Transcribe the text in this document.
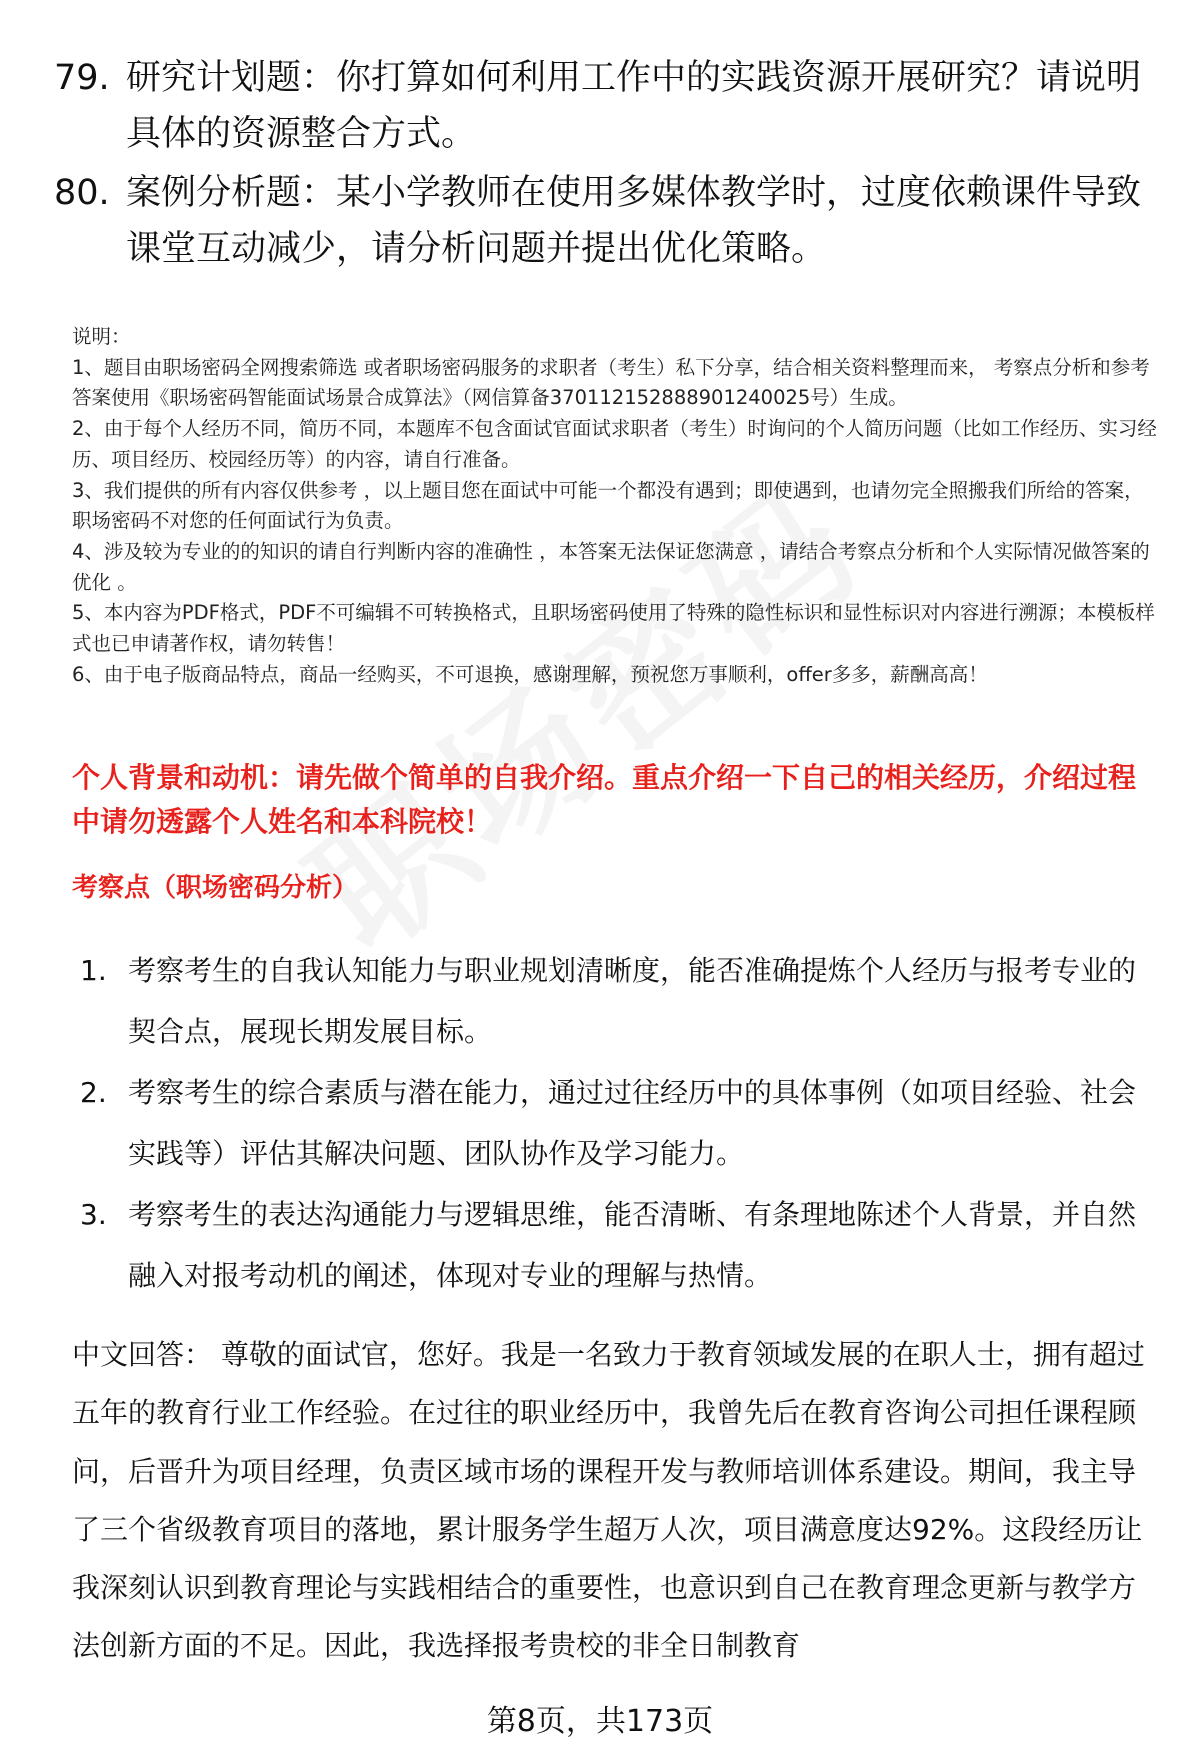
79. 研究计划题：你打算如何利用工作中的实践资源开展研究？请说明具体的资源整合方式。
80. 案例分析题：某小学教师在使用多媒体教学时，过度依赖课件导致课堂互动减少，请分析问题并提出优化策略。

说明：

1、题目由职场密码全网搜索筛选 或者职场密码服务的求职者（考生）私下分享，结合相关资料整理而来， 考察点分析和参考答案使用《职场密码智能面试场景合成算法》（网信算备370112152888901240025号）生成。

2、由于每个人经历不同，简历不同，本题库不包含面试官面试求职者（考生）时询问的个人简历问题（比如工作经历、实习经历、项目经历、校园经历等）的内容，请自行准备。

3、我们提供的所有内容仅供参考 ，以上题目您在面试中可能一个都没有遇到；即使遇到，也请勿完全照搬我们所给的答案，职场密码不对您的任何面试行为负责。

4、涉及较为专业的的知识的请自行判断内容的准确性 ，本答案无法保证您满意 ，请结合考察点分析和个人实际情况做答案的优化 。

5、本内容为PDF格式，PDF不可编辑不可转换格式，且职场密码使用了特殊的隐性标识和显性标识对内容进行溯源；本模板样式也已申请著作权，请勿转售！

6、由于电子版商品特点，商品一经购买，不可退换，感谢理解，预祝您万事顺利，offer多多，薪酬高高！

个人背景和动机：请先做个简单的自我介绍。重点介绍一下自己的相关经历，介绍过程中请勿透露个人姓名和本科院校！
考察点（职场密码分析）
1. 考察考生的自我认知能力与职业规划清晰度，能否准确提炼个人经历与报考专业的契合点，展现长期发展目标。
2. 考察考生的综合素质与潜在能力，通过过往经历中的具体事例（如项目经验、社会实践等）评估其解决问题、团队协作及学习能力。
3. 考察考生的表达沟通能力与逻辑思维，能否清晰、有条理地陈述个人背景，并自然融入对报考动机的阐述，体现对专业的理解与热情。

中文回答： 尊敬的面试官，您好。我是一名致力于教育领域发展的在职人士，拥有超过五年的教育行业工作经验。在过往的职业经历中，我曾先后在教育咨询公司担任课程顾问，后晋升为项目经理，负责区域市场的课程开发与教师培训体系建设。期间，我主导了三个省级教育项目的落地，累计服务学生超万人次，项目满意度达92%。这段经历让我深刻认识到教育理论与实践相结合的重要性，也意识到自己在教育理念更新与教学方法创新方面的不足。因此，我选择报考贵校的非全日制教育

第8页，共173页
